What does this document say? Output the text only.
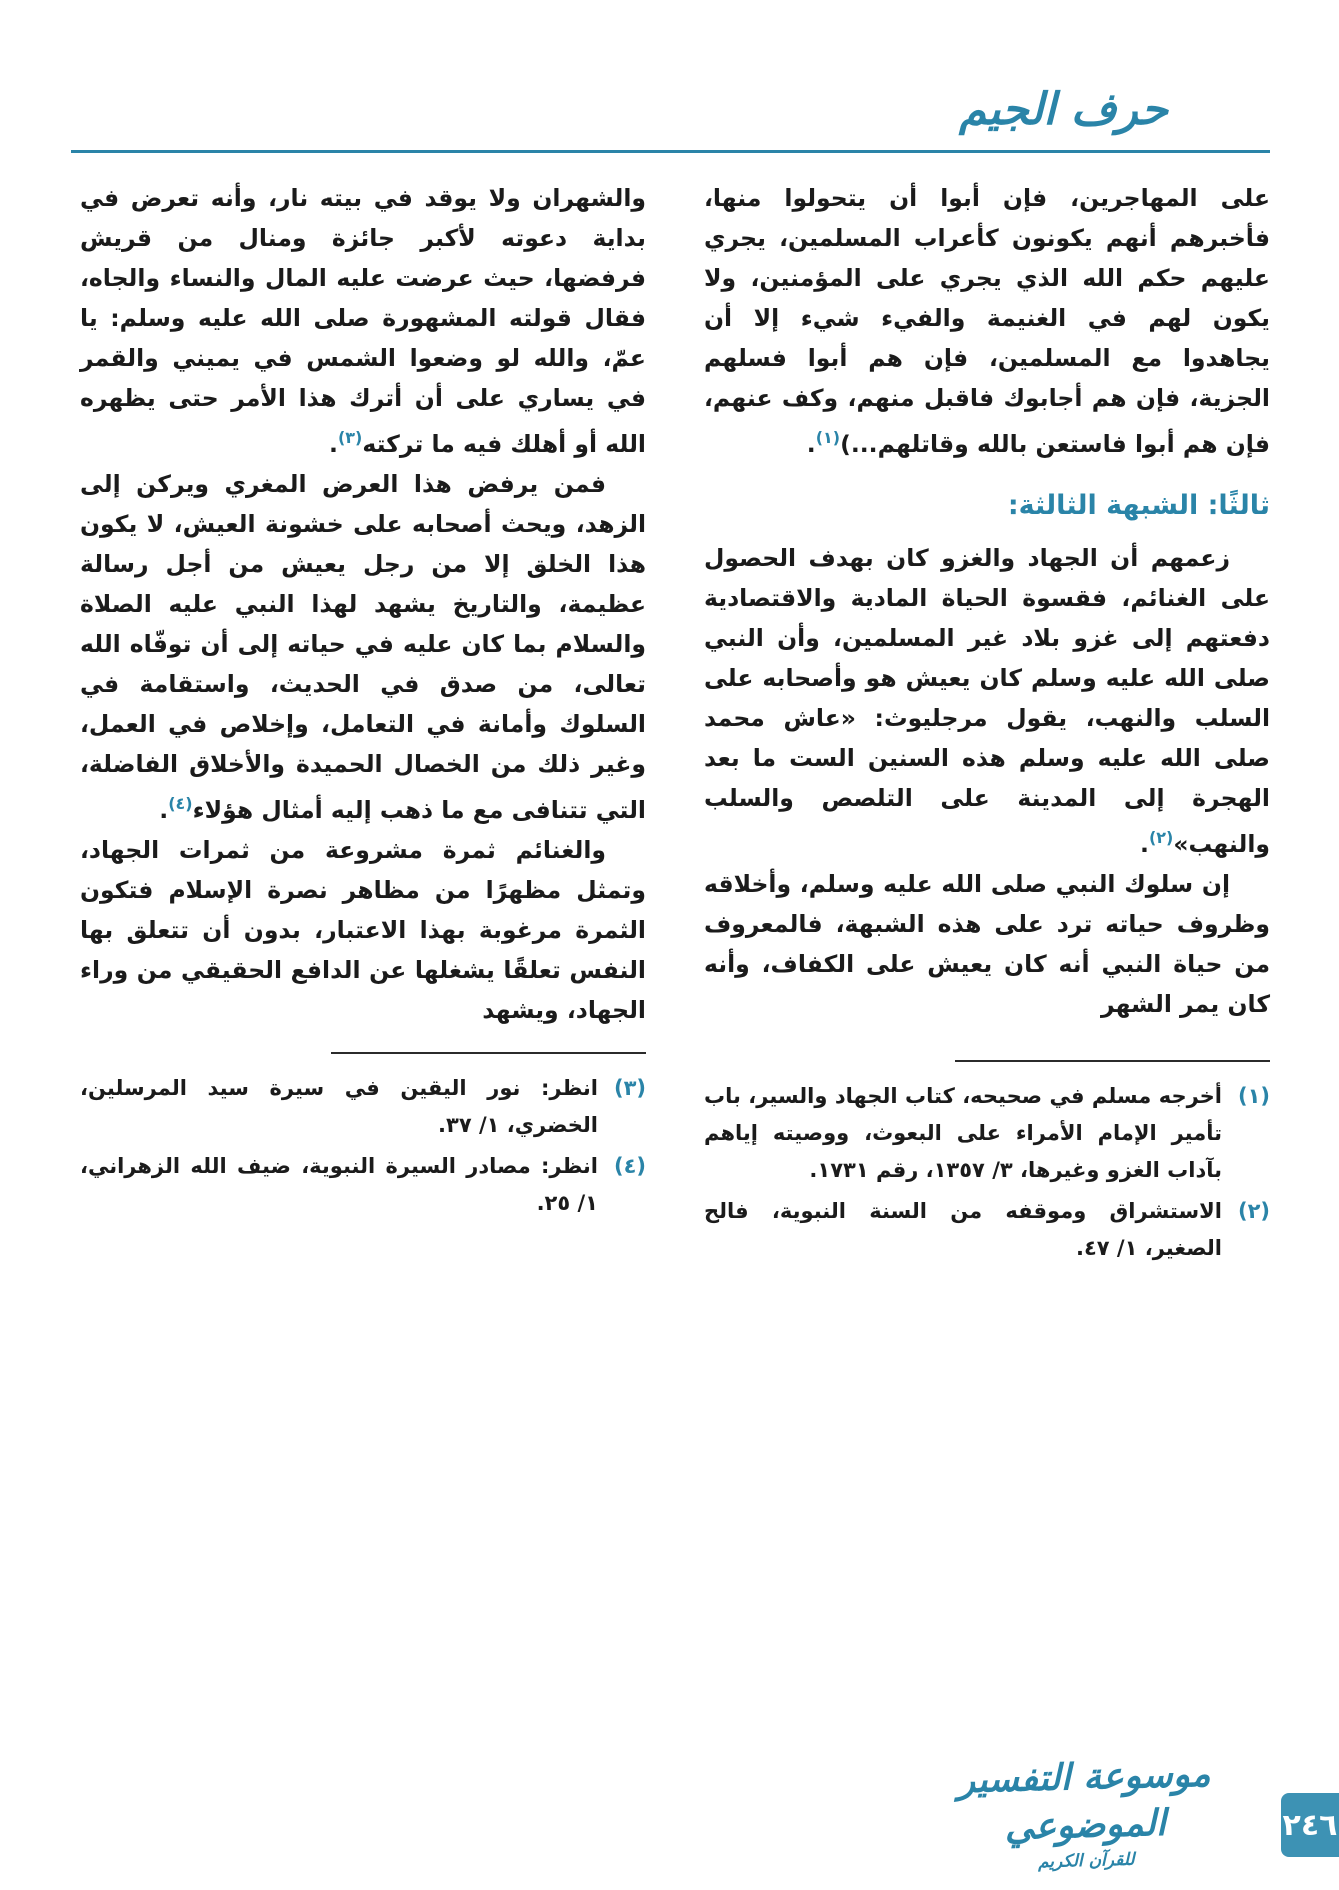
حرف الجيم

على المهاجرين، فإن أبوا أن يتحولوا منها، فأخبرهم أنهم يكونون كأعراب المسلمين، يجري عليهم حكم الله الذي يجري على المؤمنين، ولا يكون لهم في الغنيمة والفيء شيء إلا أن يجاهدوا مع المسلمين، فإن هم أبوا فسلهم الجزية، فإن هم أجابوك فاقبل منهم، وكف عنهم، فإن هم أبوا فاستعن بالله وقاتلهم...)$^{(١)}$.

ثالثًا: الشبهة الثالثة:

زعمهم أن الجهاد والغزو كان بهدف الحصول على الغنائم، فقسوة الحياة المادية والاقتصادية دفعتهم إلى غزو بلاد غير المسلمين، وأن النبي صلى الله عليه وسلم كان يعيش هو وأصحابه على السلب والنهب، يقول مرجليوث: «عاش محمد صلى الله عليه وسلم هذه السنين الست ما بعد الهجرة إلى المدينة على التلصص والسلب والنهب»$^{(٢)}$.

إن سلوك النبي صلى الله عليه وسلم، وأخلاقه وظروف حياته ترد على هذه الشبهة، فالمعروف من حياة النبي أنه كان يعيش على الكفاف، وأنه كان يمر الشهر

(١)
أخرجه مسلم في صحيحه، كتاب الجهاد والسير، باب تأمير الإمام الأمراء على البعوث، ووصيته إياهم بآداب الغزو وغيرها، ٣/ ١٣٥٧، رقم ١٧٣١.
(٢)
الاستشراق وموقفه من السنة النبوية، فالح الصغير، ١/ ٤٧.

والشهران ولا يوقد في بيته نار، وأنه تعرض في بداية دعوته لأكبر جائزة ومنال من قريش فرفضها، حيث عرضت عليه المال والنساء والجاه، فقال قولته المشهورة صلى الله عليه وسلم: يا عمّ، والله لو وضعوا الشمس في يميني والقمر في يساري على أن أترك هذا الأمر حتى يظهره الله أو أهلك فيه ما تركته$^{(٣)}$.

فمن يرفض هذا العرض المغري ويركن إلى الزهد، ويحث أصحابه على خشونة العيش، لا يكون هذا الخلق إلا من رجل يعيش من أجل رسالة عظيمة، والتاريخ يشهد لهذا النبي عليه الصلاة والسلام بما كان عليه في حياته إلى أن توفّاه الله تعالى، من صدق في الحديث، واستقامة في السلوك وأمانة في التعامل، وإخلاص في العمل، وغير ذلك من الخصال الحميدة والأخلاق الفاضلة، التي تتنافى مع ما ذهب إليه أمثال هؤلاء$^{(٤)}$.

والغنائم ثمرة مشروعة من ثمرات الجهاد، وتمثل مظهرًا من مظاهر نصرة الإسلام فتكون الثمرة مرغوبة بهذا الاعتبار، بدون أن تتعلق بها النفس تعلقًا يشغلها عن الدافع الحقيقي من وراء الجهاد، ويشهد

(٣)
انظر: نور اليقين في سيرة سيد المرسلين، الخضري، ١/ ٣٧.
(٤)
انظر: مصادر السيرة النبوية، ضيف الله الزهراني، ١/ ٢٥.
موسوعة التفسير الموضوعي
للقرآن الكريم
٢٤٦
